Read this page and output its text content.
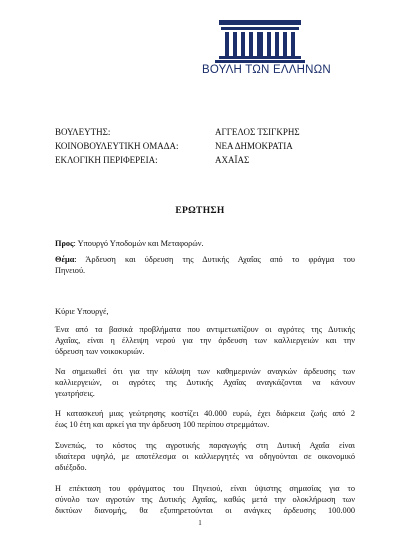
ΒΟΥΛΗ ΤΩΝ ΕΛΛΗΝΩΝ
ΒΟΥΛΕΥΤΗΣ:	ΑΓΓΕΛΟΣ ΤΣΙΓΚΡΗΣ
ΚΟΙΝΟΒΟΥΛΕΥΤΙΚΗ ΟΜΑΔΑ:	ΝΕΑ ΔΗΜΟΚΡΑΤΙΑ
ΕΚΛΟΓΙΚΗ ΠΕΡΙΦΕΡΕΙΑ:	ΑΧΑΪΑΣ
ΕΡΩΤΗΣΗ
Προς: Υπουργό Υποδομών και Μεταφορών.
Θέμα: Άρδευση και ύδρευση της Δυτικής Αχαΐας από το φράγμα του
Πηνειού.
Κύριε Υπουργέ,
Ένα από τα βασικά προβλήματα που αντιμετωπίζουν οι αγρότες της Δυτικής
Αχαΐας, είναι η έλλειψη νερού για την άρδευση των καλλιεργειών και την
ύδρευση των νοικοκυριών.
Να σημειωθεί ότι για την κάλυψη των καθημερινών αναγκών άρδευσης των
καλλιεργειών, οι αγρότες της Δυτικής Αχαΐας αναγκάζονται να κάνουν
γεωτρήσεις.
Η κατασκευή μιας γεώτρησης κοστίζει 40.000 ευρώ, έχει διάρκεια ζωής από 2
έως 10 έτη και αρκεί για την άρδευση 100 περίπου στρεμμάτων.
Συνεπώς, το κόστος της αγροτικής παραγωγής στη Δυτική Αχαΐα είναι
ιδιαίτερα υψηλό, με αποτέλεσμα οι καλλιεργητές να οδηγούνται σε οικονομικό
αδιέξοδο.
Η επέκταση του φράγματος του Πηνειού, είναι ύψιστης σημασίας για το
σύνολο των αγροτών της Δυτικής Αχαΐας, καθώς μετά την ολοκλήρωση των
δικτύων διανομής, θα εξυπηρετούνται οι ανάγκες άρδευσης 100.000
1
